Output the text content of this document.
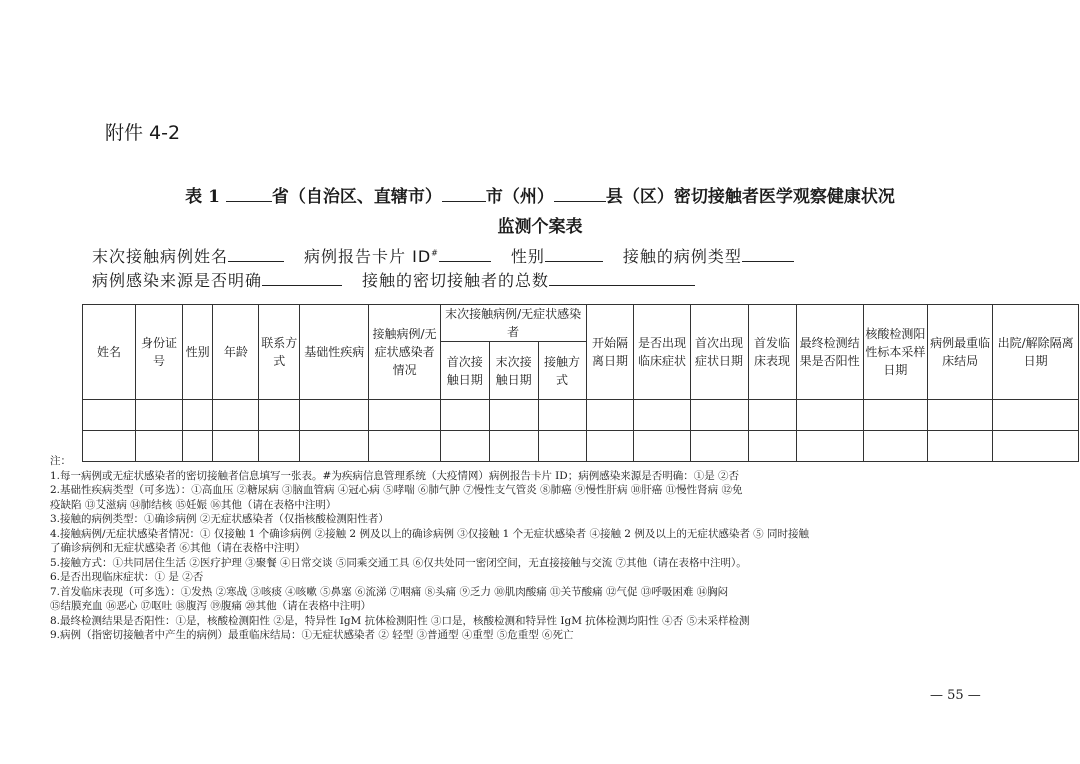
附件 4-2
表 1	省（自治区、直辖市）	市（州）	县（区）密切接触者医学观察健康状况
监测个案表
末次接触病例姓名	病例报告卡片 ID#	性别	接触的病例类型
病例感染来源是否明确	接触的密切接触者的总数
姓名	身份证号	性别	年龄	联系方式	基础性疾病	接触病例/无症状感染者情况	末次接触病例/无症状感染者			开始隔离日期	是否出现临床症状	首次出现症状日期	首发临床表现	最终检测结果是否阳性	核酸检测阳性标本采样日期	病例最重临床结局	出院/解除隔离日期
							首次接触日期	末次接触日期	接触方式								

注：
1.每一病例或无症状感染者的密切接触者信息填写一张表。#为疾病信息管理系统（大疫情网）病例报告卡片 ID；病例感染来源是否明确：①是 ②否
2.基础性疾病类型（可多选）：①高血压 ②糖尿病 ③脑血管病 ④冠心病 ⑤哮喘 ⑥肺气肿 ⑦慢性支气管炎 ⑧肺癌 ⑨慢性肝病 ⑩肝癌 ⑪慢性肾病 ⑫免
疫缺陷 ⑬艾滋病 ⑭肺结核 ⑮妊娠 ⑯其他（请在表格中注明）
3.接触的病例类型：①确诊病例 ②无症状感染者（仅指核酸检测阳性者）
4.接触病例/无症状感染者情况：① 仅接触 1 个确诊病例 ②接触 2 例及以上的确诊病例 ③仅接触 1 个无症状感染者 ④接触 2 例及以上的无症状感染者 ⑤ 同时接触
了确诊病例和无症状感染者 ⑥其他（请在表格中注明）
5.接触方式：①共同居住生活 ②医疗护理 ③聚餐 ④日常交谈 ⑤同乘交通工具 ⑥仅共处同一密闭空间，无直接接触与交流 ⑦其他（请在表格中注明）。
6.是否出现临床症状：① 是 ②否
7.首发临床表现（可多选）：①发热 ②寒战 ③咳痰 ④咳嗽 ⑤鼻塞 ⑥流涕 ⑦咽痛 ⑧头痛 ⑨乏力 ⑩肌肉酸痛 ⑪关节酸痛 ⑫气促 ⑬呼吸困难 ⑭胸闷
⑮结膜充血 ⑯恶心 ⑰呕吐 ⑱腹泻 ⑲腹痛 ⑳其他（请在表格中注明）
8.最终检测结果是否阳性：①是，核酸检测阳性 ②是，特异性 IgM 抗体检测阳性 ③口是，核酸检测和特异性 IgM 抗体检测均阳性 ④否 ⑤未采样检测
9.病例（指密切接触者中产生的病例）最重临床结局：①无症状感染者 ② 轻型 ③普通型 ④重型 ⑤危重型 ⑥死亡
— 55 —
